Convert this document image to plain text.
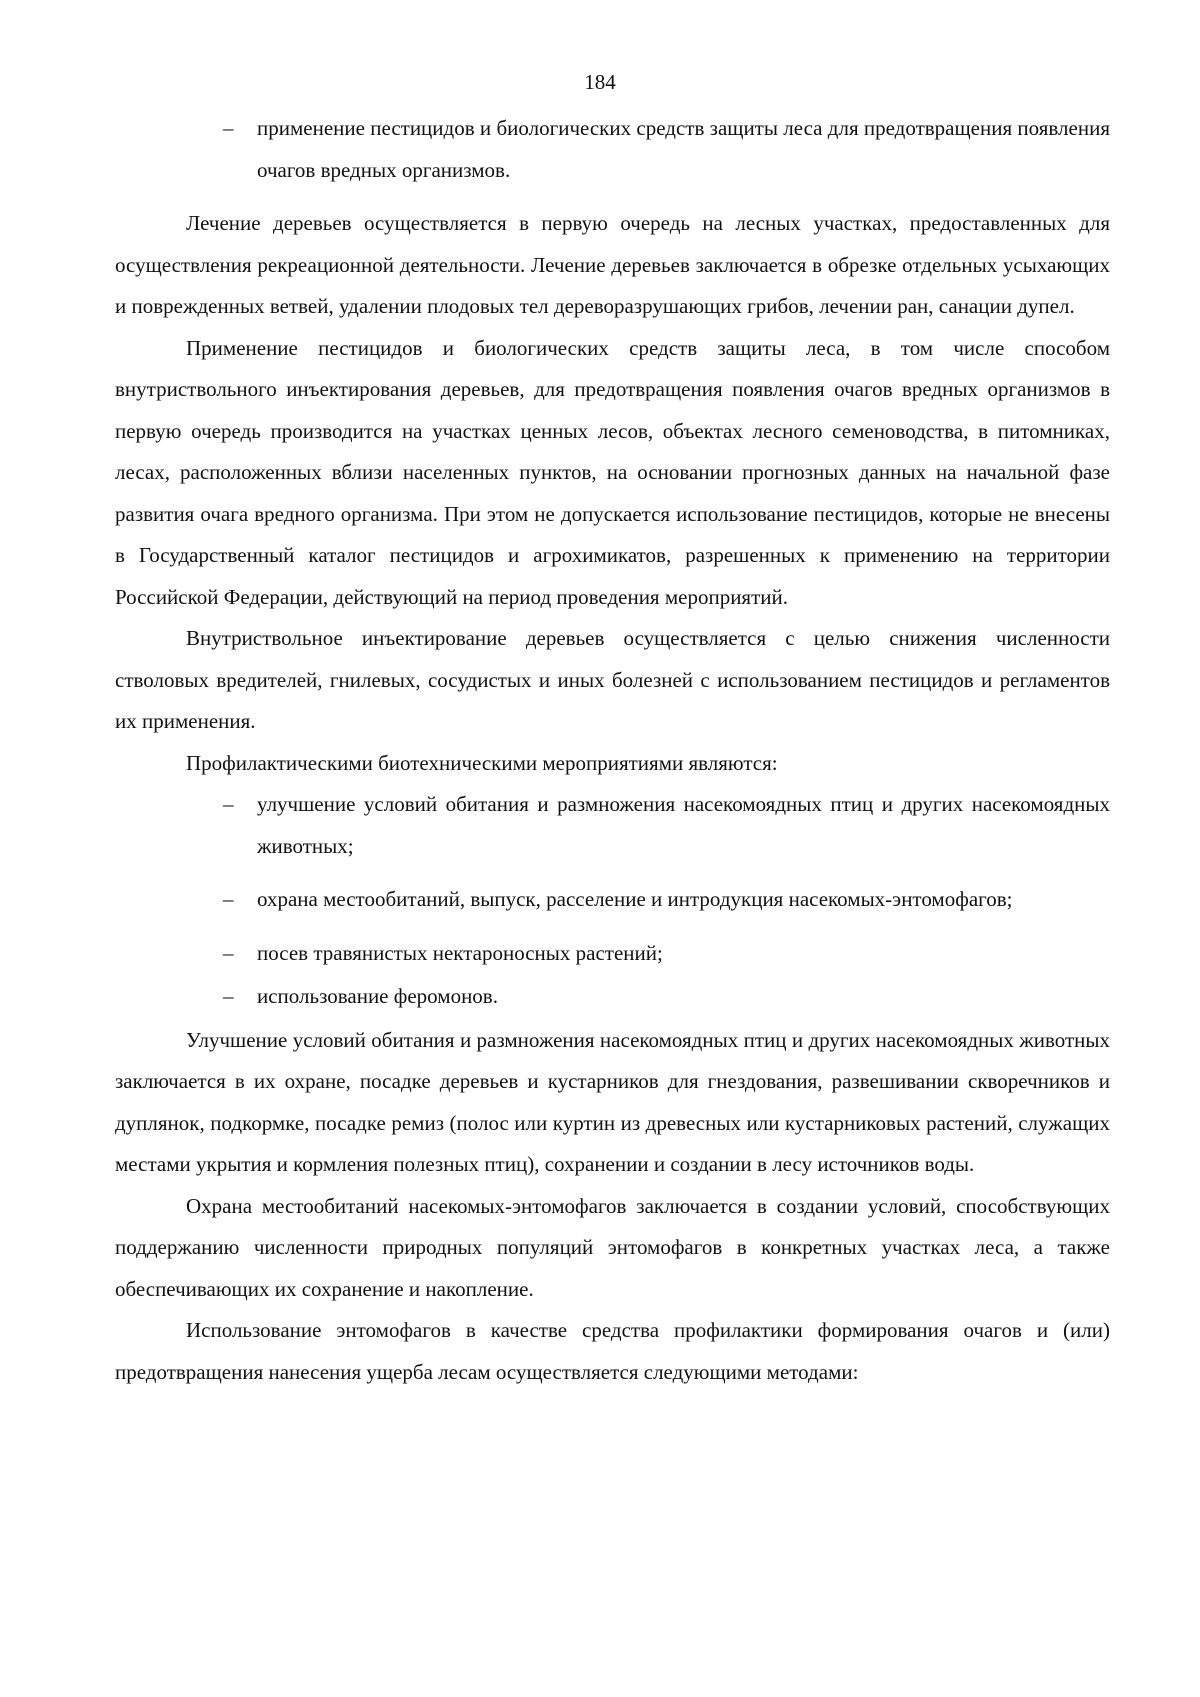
184
– применение пестицидов и биологических средств защиты леса для предотвращения появления очагов вредных организмов.

Лечение деревьев осуществляется в первую очередь на лесных участках, предоставленных для осуществления рекреационной деятельности. Лечение деревьев заключается в обрезке отдельных усыхающих и поврежденных ветвей, удалении плодовых тел дереворазрушающих грибов, лечении ран, санации дупел.

Применение пестицидов и биологических средств защиты леса, в том числе способом внутриствольного инъектирования деревьев, для предотвращения появления очагов вредных организмов в первую очередь производится на участках ценных лесов, объектах лесного семеноводства, в питомниках, лесах, расположенных вблизи населенных пунктов, на основании прогнозных данных на начальной фазе развития очага вредного организма. При этом не допускается использование пестицидов, которые не внесены в Государственный каталог пестицидов и агрохимикатов, разрешенных к применению на территории Российской Федерации, действующий на период проведения мероприятий.

Внутриствольное инъектирование деревьев осуществляется с целью снижения численности стволовых вредителей, гнилевых, сосудистых и иных болезней с использованием пестицидов и регламентов их применения.

Профилактическими биотехническими мероприятиями являются:

– улучшение условий обитания и размножения насекомоядных птиц и других насекомоядных животных;
– охрана местообитаний, выпуск, расселение и интродукция насекомых-энтомофагов;
– посев травянистых нектароносных растений;
– использование феромонов.

Улучшение условий обитания и размножения насекомоядных птиц и других насекомоядных животных заключается в их охране, посадке деревьев и кустарников для гнездования, развешивании скворечников и дуплянок, подкормке, посадке ремиз (полос или куртин из древесных или кустарниковых растений, служащих местами укрытия и кормления полезных птиц), сохранении и создании в лесу источников воды.

Охрана местообитаний насекомых-энтомофагов заключается в создании условий, способствующих поддержанию численности природных популяций энтомофагов в конкретных участках леса, а также обеспечивающих их сохранение и накопление.

Использование энтомофагов в качестве средства профилактики формирования очагов и (или) предотвращения нанесения ущерба лесам осуществляется следующими методами:
